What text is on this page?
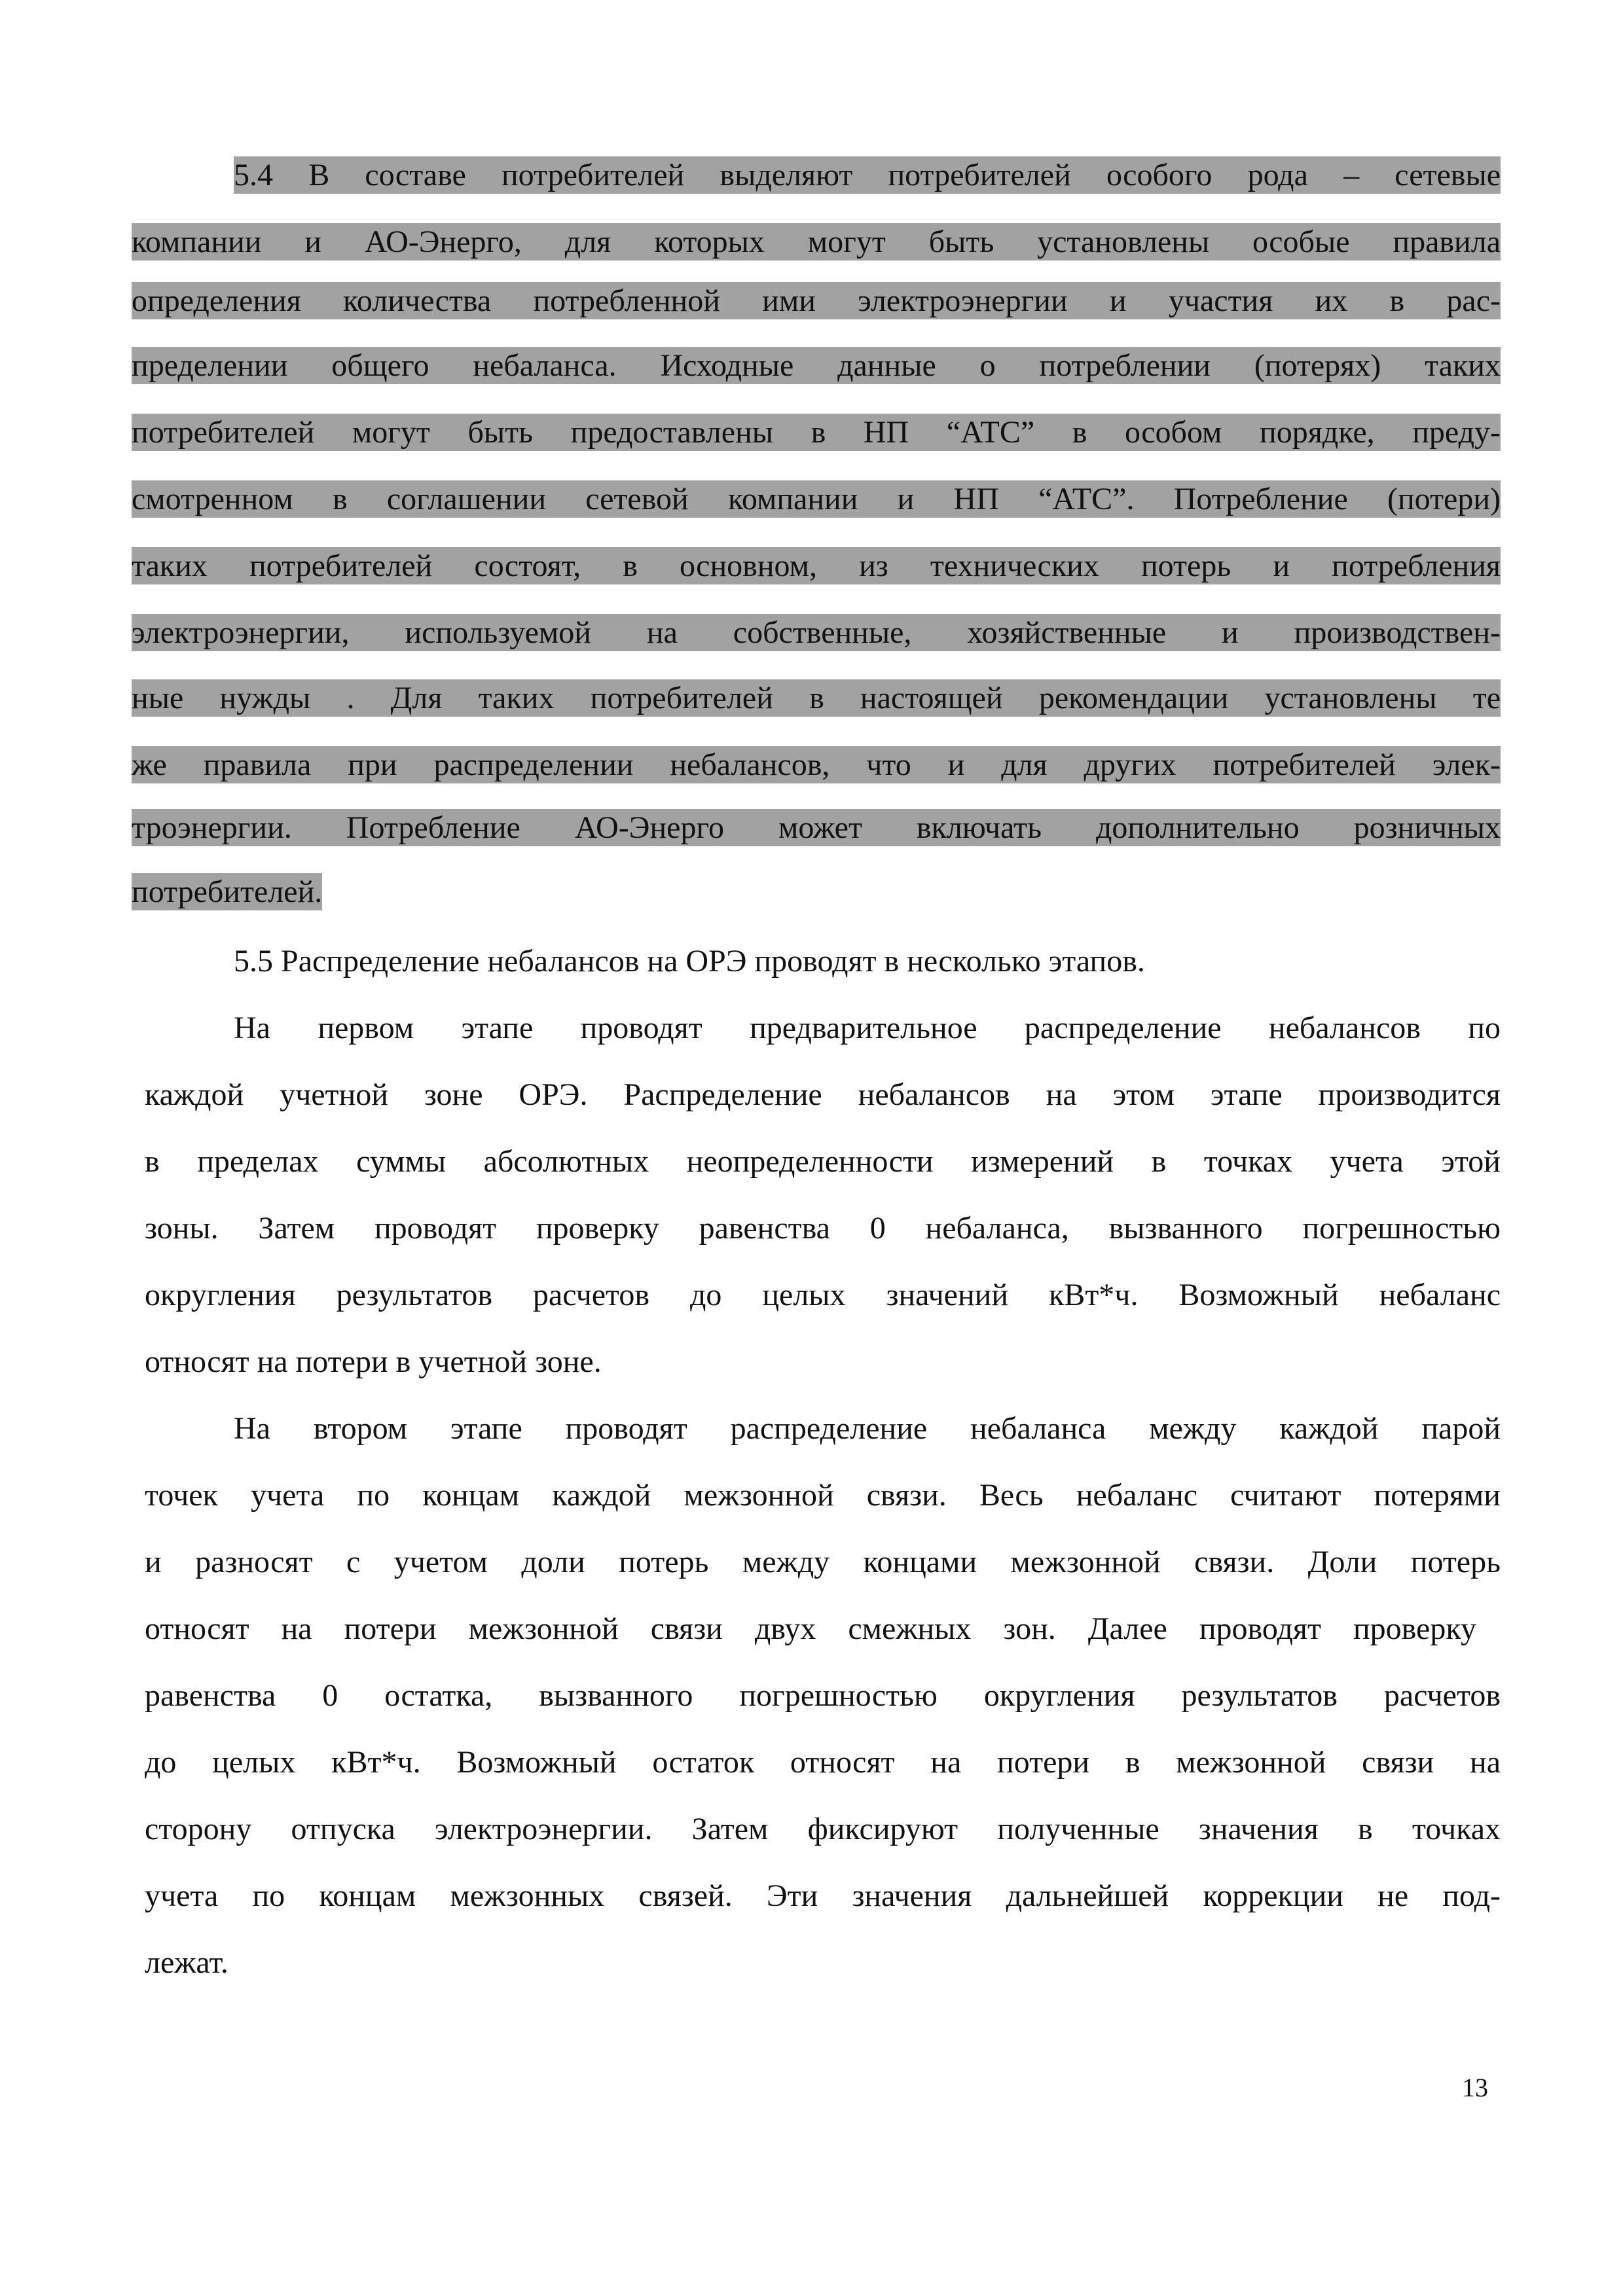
5.4 В составе потребителей выделяют потребителей особого рода – сетевые
компании и АО-Энерго, для которых могут быть установлены особые правила
определения количества потребленной ими электроэнергии и участия их в рас-
пределении общего небаланса. Исходные данные о потреблении (потерях) таких
потребителей могут быть предоставлены в НП “АТС” в особом порядке, преду-
смотренном в соглашении сетевой компании и НП “АТС”. Потребление (потери)
таких потребителей состоят, в основном, из технических потерь и потребления
электроэнергии, используемой на собственные, хозяйственные и производствен-
ные нужды . Для таких потребителей в настоящей рекомендации установлены те
же правила при распределении небалансов, что и для других потребителей элек-
троэнергии. Потребление АО-Энерго может включать дополнительно розничных
потребителей.
5.5 Распределение небалансов на ОРЭ проводят в несколько этапов.
На первом этапе проводят предварительное распределение небалансов по
каждой учетной зоне ОРЭ. Распределение небалансов на этом этапе производится
в пределах суммы абсолютных неопределенности измерений в точках учета этой
зоны. Затем проводят проверку равенства 0 небаланса, вызванного погрешностью
округления результатов расчетов до целых значений кВт*ч. Возможный небаланс
относят на потери в учетной зоне.
На втором этапе проводят распределение небаланса между каждой парой
точек учета по концам каждой межзонной связи. Весь небаланс считают потерями
и разносят с учетом доли потерь между концами межзонной связи. Доли потерь
относят на потери межзонной связи двух смежных зон. Далее проводят проверку
равенства 0 остатка, вызванного погрешностью округления результатов расчетов
до целых кВт*ч. Возможный остаток относят на потери в межзонной связи на
сторону отпуска электроэнергии. Затем фиксируют полученные значения в точках
учета по концам межзонных связей. Эти значения дальнейшей коррекции не под-
лежат.
13
